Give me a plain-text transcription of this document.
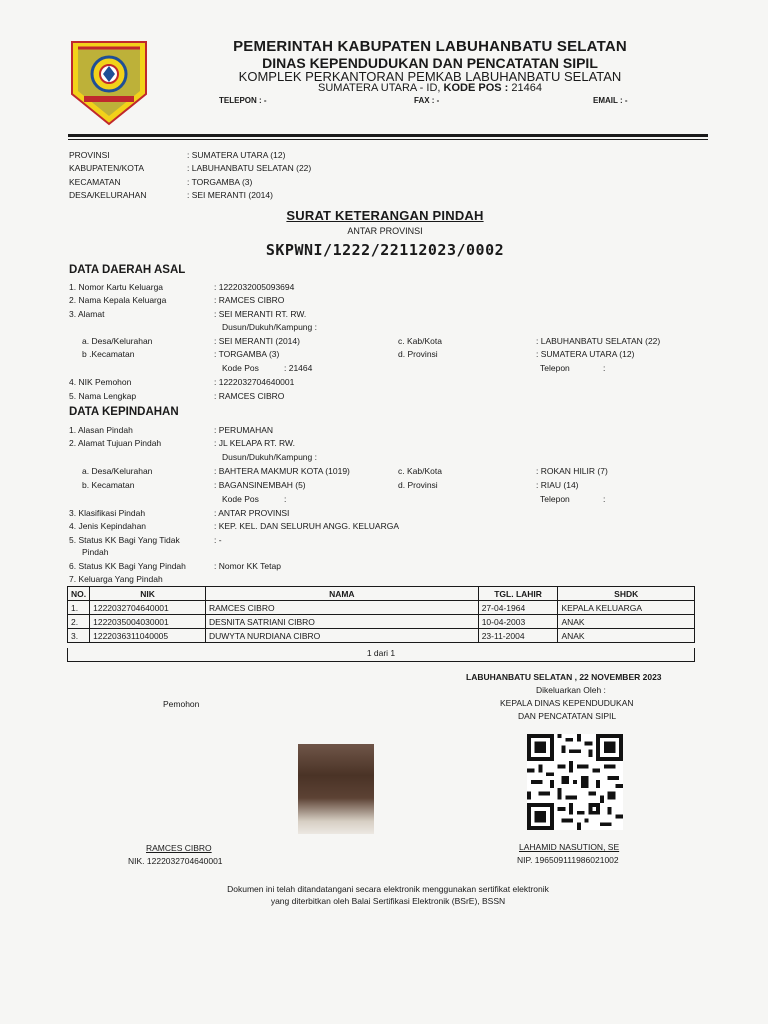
PEMERINTAH KABUPATEN LABUHANBATU SELATAN
DINAS KEPENDUDUKAN DAN PENCATATAN SIPIL
KOMPLEK PERKANTORAN PEMKAB LABUHANBATU SELATAN
SUMATERA UTARA - ID, KODE POS : 21464
TELEPON : -	FAX : -	EMAIL : -
PROVINSI	: SUMATERA UTARA (12)
KABUPATEN/KOTA	: LABUHANBATU SELATAN (22)
KECAMATAN	: TORGAMBA (3)
DESA/KELURAHAN	: SEI MERANTI (2014)
SURAT KETERANGAN PINDAH
ANTAR PROVINSI
SKPWNI/1222/22112023/0002
DATA DAERAH ASAL
1. Nomor Kartu Keluarga	: 1222032005093694
2. Nama Kepala Keluarga	: RAMCES CIBRO
3. Alamat	: SEI MERANTI RT. RW.
Dusun/Dukuh/Kampung :
a. Desa/Kelurahan	: SEI MERANTI (2014)	c. Kab/Kota	: LABUHANBATU SELATAN (22)
b .Kecamatan	: TORGAMBA (3)	d. Provinsi	: SUMATERA UTARA (12)
Kode Pos	: 21464	Telepon	:
4. NIK Pemohon	: 1222032704640001
5. Nama Lengkap	: RAMCES CIBRO
DATA KEPINDAHAN
1. Alasan Pindah	: PERUMAHAN
2. Alamat Tujuan Pindah	: JL KELAPA RT. RW.
Dusun/Dukuh/Kampung :
a. Desa/Kelurahan	: BAHTERA MAKMUR KOTA (1019)	c. Kab/Kota	: ROKAN HILIR (7)
b. Kecamatan	: BAGANSINEMBAH (5)	d. Provinsi	: RIAU (14)
Kode Pos	:	Telepon	:
3. Klasifikasi Pindah	: ANTAR PROVINSI
4. Jenis Kepindahan	: KEP. KEL. DAN SELURUH ANGG. KELUARGA
5. Status KK Bagi Yang Tidak
Pindah
: -
6. Status KK Bagi Yang Pindah	: Nomor KK Tetap
7. Keluarga Yang Pindah
NO.	NIK	NAMA	TGL. LAHIR	SHDK
1.	1222032704640001	RAMCES CIBRO	27-04-1964	KEPALA KELUARGA
2.	1222035004030001	DESNITA SATRIANI CIBRO	10-04-2003	ANAK
3.	1222036311040005	DUWYTA NURDIANA CIBRO	23-11-2004	ANAK
1 dari 1
LABUHANBATU SELATAN , 22 NOVEMBER 2023
Dikeluarkan Oleh :
KEPALA DINAS KEPENDUDUKAN
DAN PENCATATAN SIPIL
Pemohon
RAMCES CIBRO
NIK. 1222032704640001
LAHAMID NASUTION, SE
NIP. 196509111986021002
Dokumen ini telah ditandatangani secara elektronik menggunakan sertifikat elektronik
yang diterbitkan oleh Balai Sertifikasi Elektronik (BSrE), BSSN
